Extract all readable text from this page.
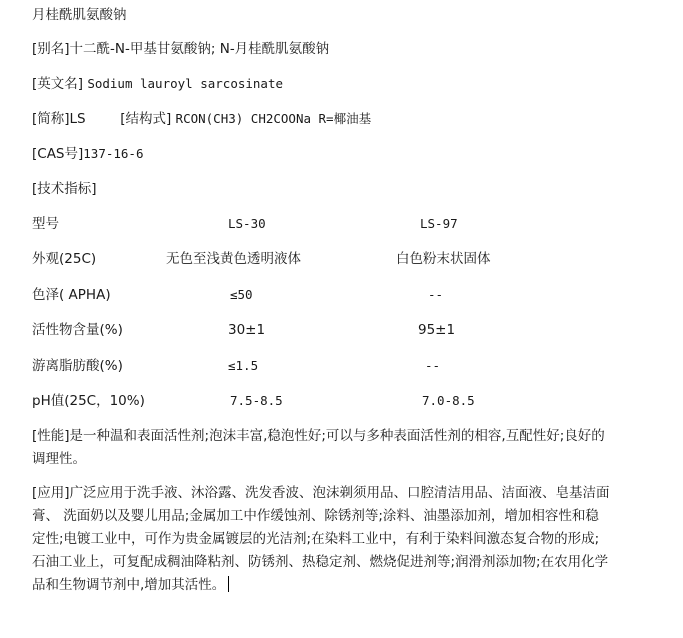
月桂酰肌氨酸钠
[别名]十二酰-N-甲基甘氨酸钠; N-月桂酰肌氨酸钠
[英文名] Sodium lauroyl sarcosinate
[简称]LS	[结构式] RCON(CH3) CH2COONa R=椰油基
[CAS号]137-16-6
[技术指标]
型号	LS-30	LS-97
外观(25C)	无色至浅黄色透明液体	白色粉末状固体
色泽( APHA)	≤50	--
活性物含量(%)	30±1	95±1
游离脂肪酸(%)	≤1.5	--
pH值(25C，10%)	7.5-8.5	7.0-8.5
[性能]是一种温和表面活性剂;泡沫丰富,稳泡性好;可以与多种表面活性剂的相容,互配性好;良好的调理性。
[应用]广泛应用于洗手液、沐浴露、洗发香波、泡沫剃须用品、口腔清洁用品、洁面液、皂基洁面膏、 洗面奶以及婴儿用品;金属加工中作缓蚀剂、除锈剂等;涂料、油墨添加剂，增加相容性和稳定性;电镀工业中，可作为贵金属镀层的光洁剂;在染料工业中，有利于染料间激态复合物的形成;石油工业上，可复配成稠油降粘剂、防锈剂、热稳定剂、燃烧促进剂等;润滑剂添加物;在农用化学品和生物调节剂中,增加其活性。
